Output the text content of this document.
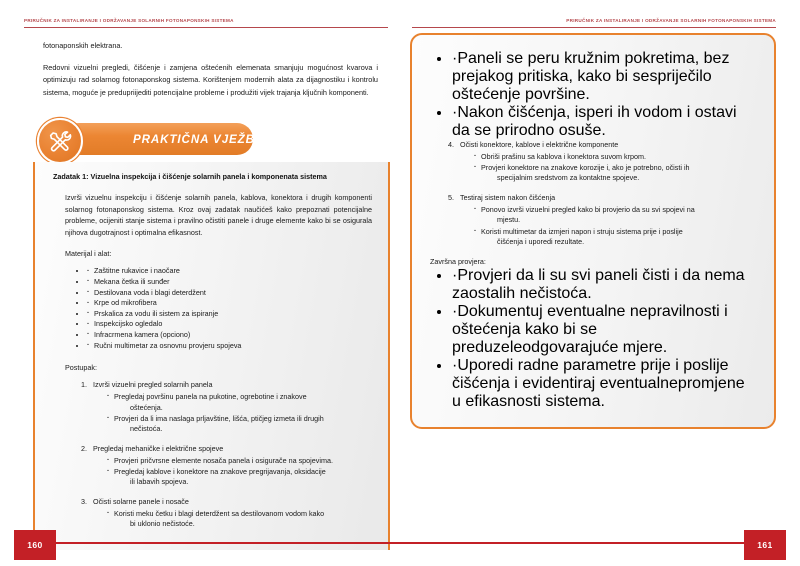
PRIRUČNIK ZA INSTALIRANJE I ODRŽAVANJE SOLARNIH FOTONAPONSKIH SISTEMA

fotonaponskih elektrana.

Redovni vizuelni pregledi, čišćenje i zamjena oštećenih elemenata smanjuju mogućnost kvarova i optimizuju rad solarnog fotonaponskog sistema. Korištenjem modernih alata za dijagnostiku i kontrolu sistema, moguće je predupriijediti potencijalne probleme i produžiti vijek trajanja ključnih komponenti.

PRAKTIČNA VJEŽBA
Zadatak 1: Vizuelna inspekcija i čišćenje solarnih panela i komponenata sistema
Izvrši vizuelnu inspekciju i čišćenje solarnih panela, kablova, konektora i drugih komponenti solarnog fotonaponskog sistema. Kroz ovaj zadatak naučićeš kako prepoznati potencijalne probleme, ocijeniti stanje sistema i pravilno očistiti panele i druge elemente kako bi se osigurala njihova dugotrajnost i optimalna efikasnost.
Materijal i alat:
· • Zaštitne rukavice i naočare
· • Mekana četka ili sunđer
· • Destilovana voda i blagi deterdžent
· • Krpe od mikrofibera
· • Prskalica za vodu ili sistem za ispiranje
· • Inspekcijsko ogledalo
· • Infracrmena kamera (opciono)
· • Ručni multimetar za osnovnu provjeru spojeva
Postupak:
1. Izvrši vizuelni pregled solarnih panela
· Pregledaj površinu panela na pukotine, ogrebotine i znakove
oštećenja.
· Provjeri da li ima naslaga prljavštine, lišća, ptičjeg izmeta ili drugih
nečistoća.
2. Pregledaj mehaničke i električne spojeve
· Provjeri pričvrsne elemente nosača panela i osigurače na spojevima.
· Pregledaj kablove i konektore na znakove pregrijavanja, oksidacije
ili labavih spojeva.
3. Očisti solarne panele i nosače
· Koristi meku četku i blagi deterdžent sa destilovanom vodom kako
bi uklonio nečistoće.
160
PRIRUČNIK ZA INSTALIRANJE I ODRŽAVANJE SOLARNIH FOTONAPONSKIH SISTEMA
• ·Paneli se peru kružnim pokretima, bez prejakog pritiska, kako bi sespriječilo oštećenje površine.
• ·Nakon čišćenja, isperi ih vodom i ostavi da se prirodno osuše.
4. Očisti konektore, kablove i električne komponente
· Obriši prašinu sa kablova i konektora suvom krpom.
· Provjeri konektore na znakove korozije i, ako je potrebno, očisti ih
specijalnim sredstvom za kontaktne spojeve.
5. Testiraj sistem nakon čišćenja
· Ponovo izvrši vizuelni pregled kako bi provjerio da su svi spojevi na
mjestu.
· Koristi multimetar da izmjeri napon i struju sistema prije i poslije
čišćenja i uporedi rezultate.
Završna provjera:
• ·Provjeri da li su svi paneli čisti i da nema zaostalih nečistoća.
• ·Dokumentuj eventualne nepravilnosti i oštećenja kako bi se preduzeleodgovarajuće mjere.
• ·Uporedi radne parametre prije i poslije čišćenja i evidentiraj eventualnepromjene u efikasnosti sistema.
161
